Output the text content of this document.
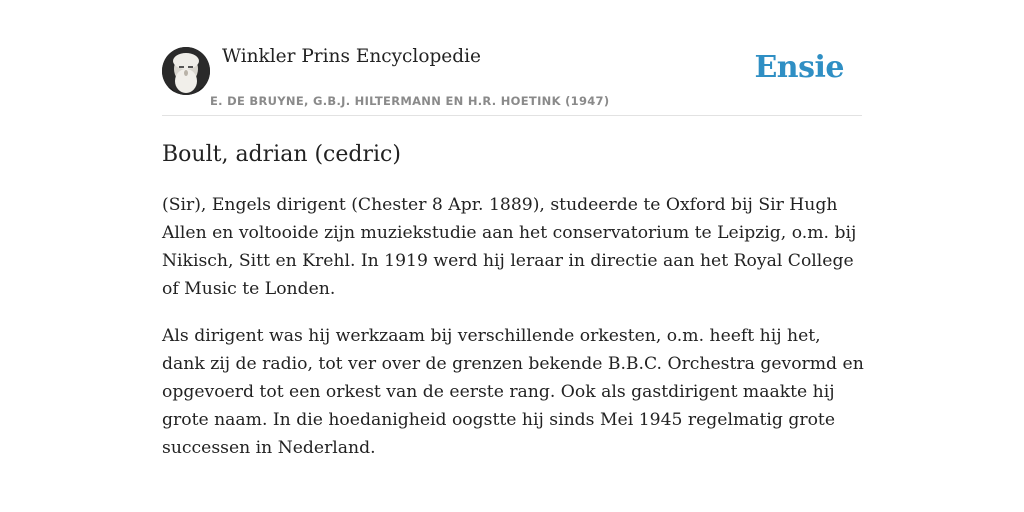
Winkler Prins Encyclopedie
E. DE BRUYNE, G.B.J. HILTERMANN EN H.R. HOETINK (1947)
Ensie
Boult, adrian (cedric)

(Sir), Engels dirigent (Chester 8 Apr. 1889), studeerde te Oxford bij Sir Hugh Allen en voltooide zijn muziekstudie aan het conservatorium te Leipzig, o.m. bij Nikisch, Sitt en Krehl. In 1919 werd hij leraar in directie aan het Royal College of Music te Londen.

Als dirigent was hij werkzaam bij verschillende orkesten, o.m. heeft hij het, dank zij de radio, tot ver over de grenzen bekende B.B.C. Orchestra gevormd en opgevoerd tot een orkest van de eerste rang. Ook als gastdirigent maakte hij grote naam. In die hoedanigheid oogstte hij sinds Mei 1945 regelmatig grote successen in Nederland.
